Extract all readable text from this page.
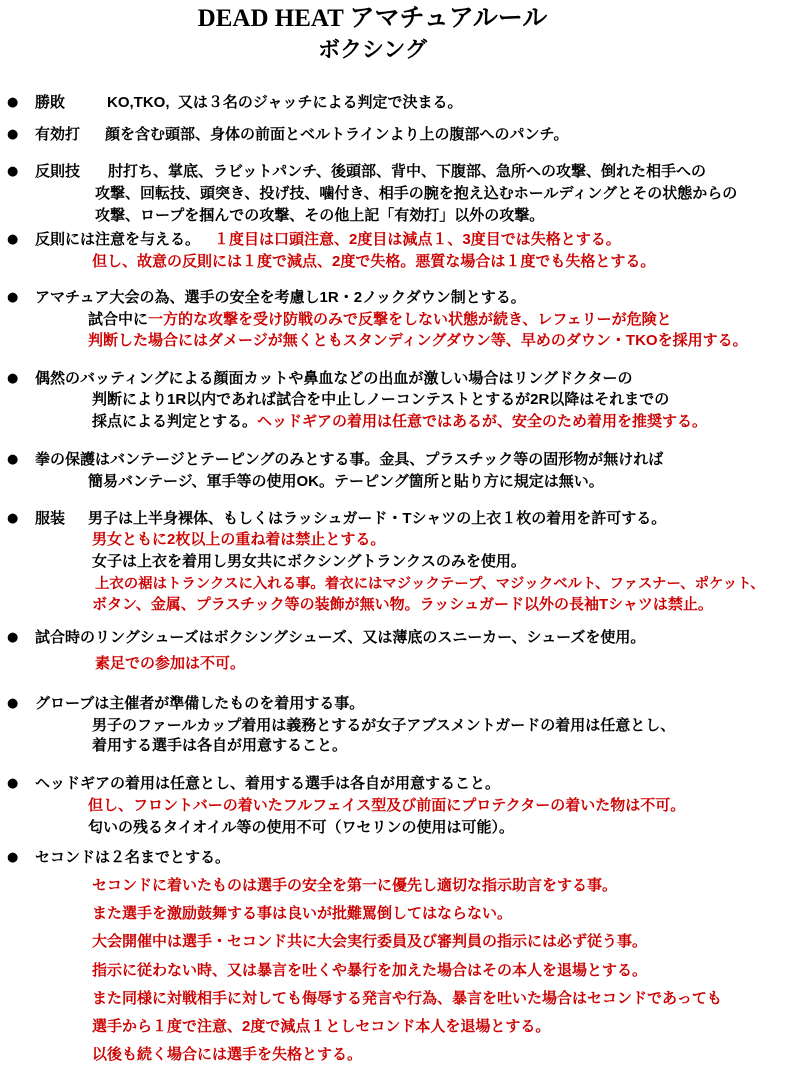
DEAD HEAT アマチュアルール
ボクシング
● 勝敗	KO,TKO,  又は３名のジャッチによる判定で決まる。
● 有効打 顔を含む頭部、身体の前面とベルトラインより上の腹部へのパンチ。
● 反則技 肘打ち、掌底、ラビットパンチ、後頭部、背中、下腹部、急所への攻撃、倒れた相手への
攻撃、回転技、頭突き、投げ技、噛付き、相手の腕を抱え込むホールディングとその状態からの
攻撃、ロープを掴んでの攻撃、その他上記「有効打」以外の攻撃。
● 反則には注意を与える。 １度目は口頭注意、2度目は減点１、3度目では失格とする。
但し、故意の反則には１度で減点、2度で失格。悪質な場合は１度でも失格とする。
● アマチュア大会の為、選手の安全を考慮し1R・2ノックダウン制とする。
試合中に一方的な攻撃を受け防戦のみで反撃をしない状態が続き、レフェリーが危険と
判断した場合にはダメージが無くともスタンディングダウン等、早めのダウン・TKOを採用する。
● 偶然のバッティングによる顔面カットや鼻血などの出血が激しい場合はリングドクターの
判断により1R以内であれば試合を中止しノーコンテストとするが2R以降はそれまでの
採点による判定とする。ヘッドギアの着用は任意ではあるが、安全のため着用を推奨する。
● 拳の保護はバンテージとテーピングのみとする事。金具、プラスチック等の固形物が無ければ
簡易バンテージ、軍手等の使用OK。テーピング箇所と貼り方に規定は無い。
● 服装 男子は上半身裸体、もしくはラッシュガード・Tシャツの上衣１枚の着用を許可する。
男女ともに2枚以上の重ね着は禁止とする。
女子は上衣を着用し男女共にボクシングトランクスのみを使用。
上衣の裾はトランクスに入れる事。着衣にはマジックテープ、マジックベルト、ファスナー、ポケット、
ボタン、金属、プラスチック等の装飾が無い物。ラッシュガード以外の長袖Tシャツは禁止。
● 試合時のリングシューズはボクシングシューズ、又は薄底のスニーカー、シューズを使用。
素足での参加は不可。
● グローブは主催者が準備したものを着用する事。
男子のファールカップ着用は義務とするが女子アブスメントガードの着用は任意とし、
着用する選手は各自が用意すること。
● ヘッドギアの着用は任意とし、着用する選手は各自が用意すること。
但し、フロントバーの着いたフルフェイス型及び前面にプロテクターの着いた物は不可。
匂いの残るタイオイル等の使用不可（ワセリンの使用は可能）。
● セコンドは２名までとする。
セコンドに着いたものは選手の安全を第一に優先し適切な指示助言をする事。
また選手を激励鼓舞する事は良いが批難罵倒してはならない。
大会開催中は選手・セコンド共に大会実行委員及び審判員の指示には必ず従う事。
指示に従わない時、又は暴言を吐くや暴行を加えた場合はその本人を退場とする。
また同様に対戦相手に対しても侮辱する発言や行為、暴言を吐いた場合はセコンドであっても
選手から１度で注意、2度で減点１としセコンド本人を退場とする。
以後も続く場合には選手を失格とする。
